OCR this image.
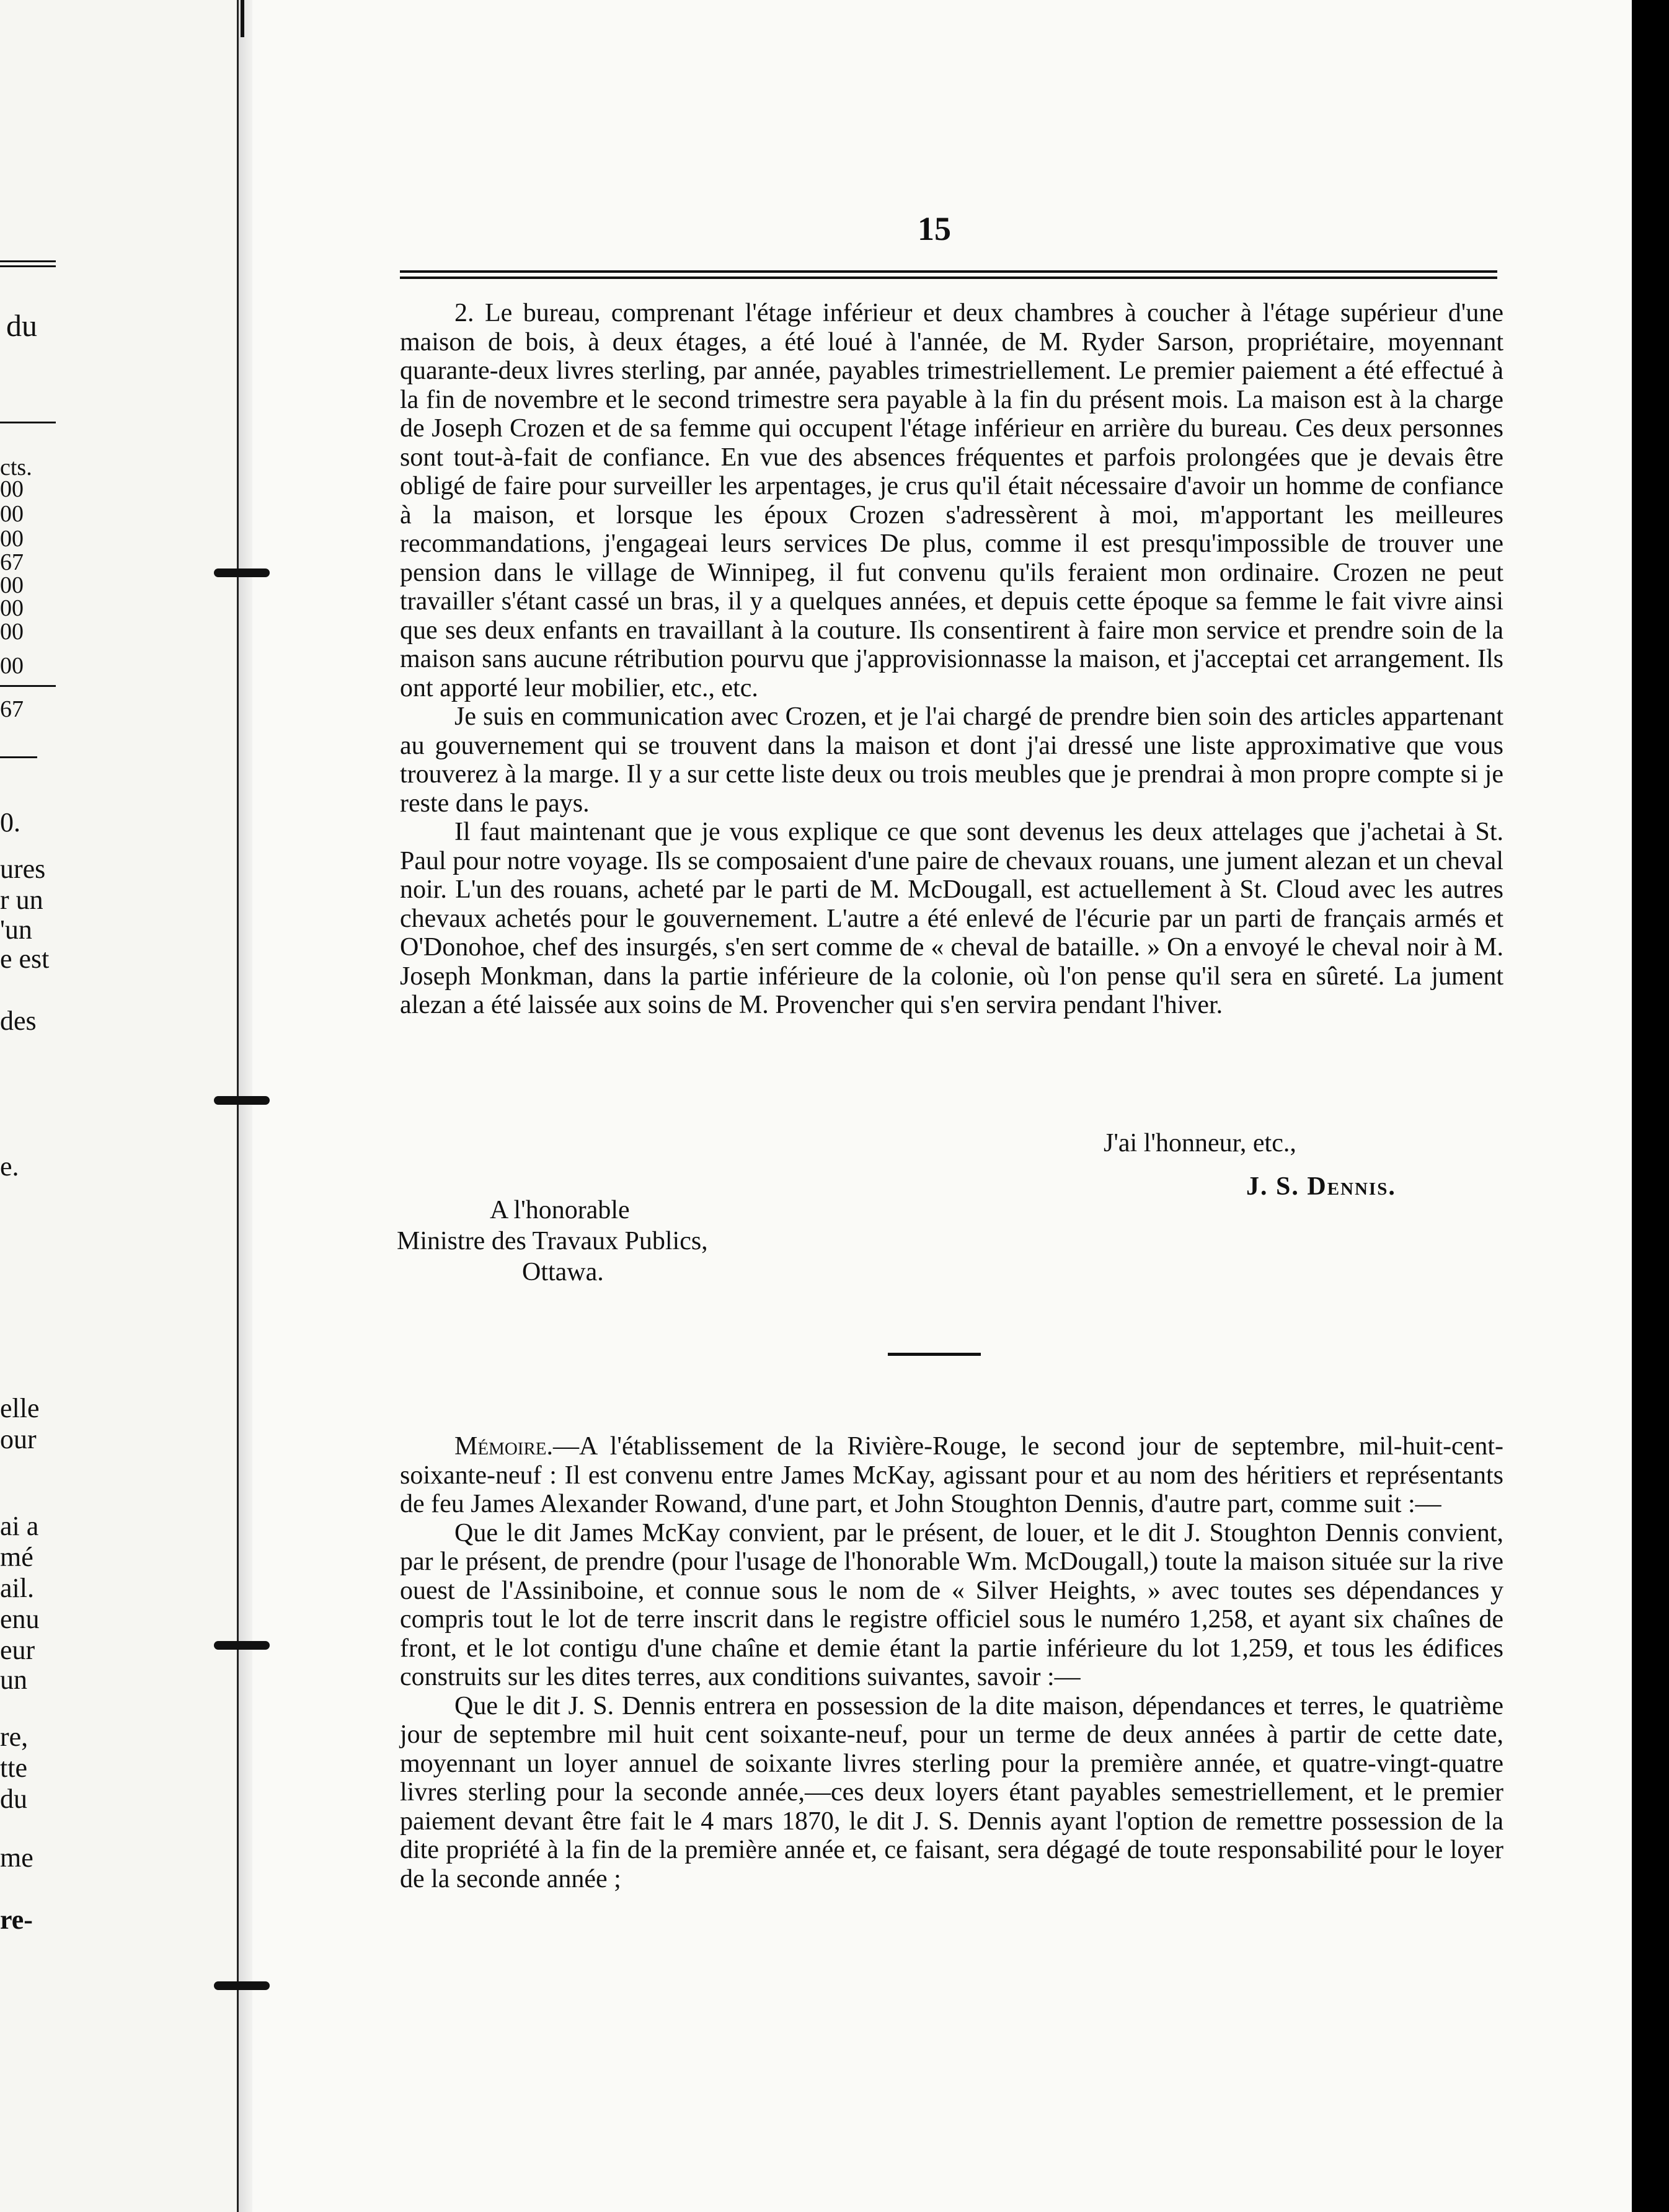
du
cts.
00
00
00
67
00
00
00
00
67
0.
ures
r un
'un
e est
des
e.
elle
our
ai a
mé
ail.
enu
eur
un
re,
tte
du
me
re-
15

2. Le bureau, comprenant l'étage inférieur et deux chambres à coucher à l'étage supérieur d'une maison de bois, à deux étages, a été loué à l'année, de M. Ryder Sarson, propriétaire, moyennant quarante-deux livres sterling, par année, payables trimestriellement. Le premier paiement a été effectué à la fin de novembre et le second trimestre sera payable à la fin du présent mois. La maison est à la charge de Joseph Crozen et de sa femme qui occupent l'étage inférieur en arrière du bureau. Ces deux personnes sont tout-à-fait de confiance. En vue des absences fréquentes et parfois prolongées que je devais être obligé de faire pour surveiller les arpentages, je crus qu'il était nécessaire d'avoir un homme de confiance à la maison, et lorsque les époux Crozen s'adressèrent à moi, m'apportant les meilleures recommandations, j'engageai leurs services De plus, comme il est presqu'impossible de trouver une pension dans le village de Winnipeg, il fut convenu qu'ils feraient mon ordinaire. Crozen ne peut travailler s'étant cassé un bras, il y a quelques années, et depuis cette époque sa femme le fait vivre ainsi que ses deux enfants en travaillant à la couture. Ils consentirent à faire mon service et prendre soin de la maison sans aucune rétribution pourvu que j'approvisionnasse la maison, et j'acceptai cet arrangement. Ils ont apporté leur mobilier, etc., etc.

Je suis en communication avec Crozen, et je l'ai chargé de prendre bien soin des articles appartenant au gouvernement qui se trouvent dans la maison et dont j'ai dressé une liste approximative que vous trouverez à la marge. Il y a sur cette liste deux ou trois meubles que je prendrai à mon propre compte si je reste dans le pays.

Il faut maintenant que je vous explique ce que sont devenus les deux attelages que j'achetai à St. Paul pour notre voyage. Ils se composaient d'une paire de chevaux rouans, une jument alezan et un cheval noir. L'un des rouans, acheté par le parti de M. McDougall, est actuellement à St. Cloud avec les autres chevaux achetés pour le gouvernement. L'autre a été enlevé de l'écurie par un parti de français armés et O'Donohoe, chef des insurgés, s'en sert comme de « cheval de bataille. » On a envoyé le cheval noir à M. Joseph Monkman, dans la partie inférieure de la colonie, où l'on pense qu'il sera en sûreté. La jument alezan a été laissée aux soins de M. Provencher qui s'en servira pendant l'hiver.

J'ai l'honneur, etc.,
J. S. Dennis.
A l'honorable
Ministre des Travaux Publics,
Ottawa.

Mémoire.—A l'établissement de la Rivière-Rouge, le second jour de septembre, mil-huit-cent-soixante-neuf : Il est convenu entre James McKay, agissant pour et au nom des héritiers et représentants de feu James Alexander Rowand, d'une part, et John Stoughton Dennis, d'autre part, comme suit :—

Que le dit James McKay convient, par le présent, de louer, et le dit J. Stoughton Dennis convient, par le présent, de prendre (pour l'usage de l'honorable Wm. McDougall,) toute la maison située sur la rive ouest de l'Assiniboine, et connue sous le nom de « Silver Heights, » avec toutes ses dépendances y compris tout le lot de terre inscrit dans le registre officiel sous le numéro 1,258, et ayant six chaînes de front, et le lot contigu d'une chaîne et demie étant la partie inférieure du lot 1,259, et tous les édifices construits sur les dites terres, aux conditions suivantes, savoir :—

Que le dit J. S. Dennis entrera en possession de la dite maison, dépendances et terres, le quatrième jour de septembre mil huit cent soixante-neuf, pour un terme de deux années à partir de cette date, moyennant un loyer annuel de soixante livres sterling pour la première année, et quatre-vingt-quatre livres sterling pour la seconde année,—ces deux loyers étant payables semestriellement, et le premier paiement devant être fait le 4 mars 1870, le dit J. S. Dennis ayant l'option de remettre possession de la dite propriété à la fin de la première année et, ce faisant, sera dégagé de toute responsabilité pour le loyer de la seconde année ;
